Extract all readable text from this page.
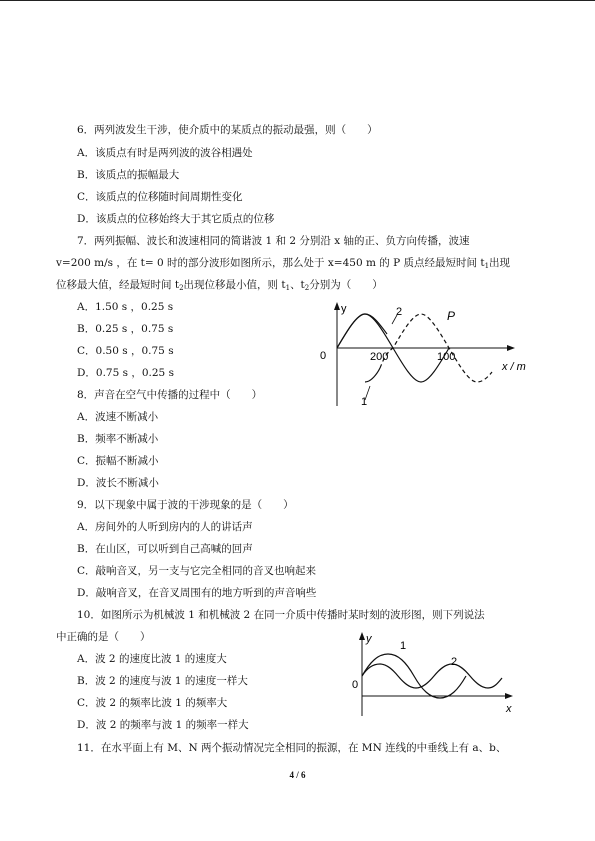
6．两列波发生干涉，使介质中的某质点的振动最强，则（　　）
A．该质点有时是两列波的波谷相遇处
B．该质点的振幅最大
C．该质点的位移随时间周期性变化
D．该质点的位移始终大于其它质点的位移
7．两列振幅、波长和波速相同的简谐波 1 和 2 分别沿 x 轴的正、负方向传播，波速
v=200 m/s ，在 t= 0 时的部分波形如图所示，那么处于 x=450 m 的 P 质点经最短时间 $t_1$出现
位移最大值，经最短时间 $t_2$出现位移最小值，则 $t_1$、$t_2$分别为（　　）
A．1.50 s ，0.25 s
B．0.25 s ，0.75 s
C．0.50 s ，0.75 s
D．0.75 s ，0.25 s
y
0	200	100
x / m
P
1
2
8．声音在空气中传播的过程中（　　）
A．波速不断减小
B．频率不断减小
C．振幅不断减小
D．波长不断减小
9．以下现象中属于波的干涉现象的是（　　）
A．房间外的人听到房内的人的讲话声
B．在山区，可以听到自己高喊的回声
C．敲响音叉，另一支与它完全相同的音叉也响起来
D．敲响音叉，在音叉周围有的地方听到的声音响些
10．如图所示为机械波 1 和机械波 2 在同一介质中传播时某时刻的波形图，则下列说法
中正确的是（　　）
A．波 2 的速度比波 1 的速度大
B．波 2 的速度与波 1 的速度一样大
C．波 2 的频率比波 1 的频率大
D．波 2 的频率与波 1 的频率一样大
y
0
x
1
2
11．在水平面上有 M、N 两个振动情况完全相同的振源，在 MN 连线的中垂线上有 a、b、
4 / 6
